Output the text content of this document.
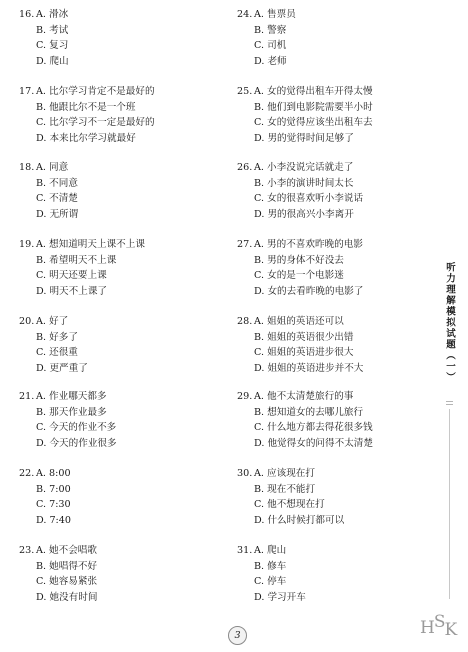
16. A. 滑冰
B. 考试
C. 复习
D. 爬山
17. A. 比尔学习肯定不是最好的
B. 他跟比尔不是一个班
C. 比尔学习不一定是最好的
D. 本来比尔学习就最好
18. A. 同意
B. 不同意
C. 不清楚
D. 无所谓
19. A. 想知道明天上课不上课
B. 希望明天不上课
C. 明天还要上课
D. 明天不上课了
20. A. 好了
B. 好多了
C. 还很重
D. 更严重了
21. A. 作业哪天都多
B. 那天作业最多
C. 今天的作业不多
D. 今天的作业很多
22. A. 8:00
B. 7:00
C. 7:30
D. 7:40
23. A. 她不会唱歌
B. 她唱得不好
C. 她容易紧张
D. 她没有时间
24. A. 售票员
B. 警察
C. 司机
D. 老师
25. A. 女的觉得出租车开得太慢
B. 他们到电影院需要半小时
C. 女的觉得应该坐出租车去
D. 男的觉得时间足够了
26. A. 小李没说完话就走了
B. 小李的演讲时间太长
C. 女的很喜欢听小李说话
D. 男的很高兴小李离开
27. A. 男的不喜欢昨晚的电影
B. 男的身体不好没去
C. 女的是一个电影迷
D. 女的去看昨晚的电影了
28. A. 姐姐的英语还可以
B. 姐姐的英语很少出错
C. 姐姐的英语进步很大
D. 姐姐的英语进步并不大
29. A. 他不太清楚旅行的事
B. 想知道女的去哪儿旅行
C. 什么地方都去得花很多钱
D. 他觉得女的问得不太清楚
30. A. 应该现在打
B. 现在不能打
C. 他不想现在打
D. 什么时候打都可以
31. A. 爬山
B. 修车
C. 停车
D. 学习开车
听力理解模拟试题（一）
3	HSK
